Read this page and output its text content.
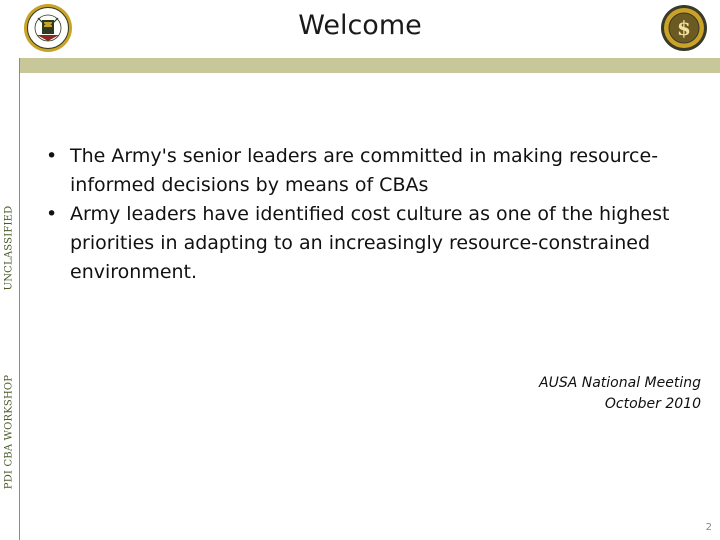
Welcome	$
UNCLASSIFIED
PDI CBA WORKSHOP
• The Army's senior leaders are committed in making resource-informed decisions by means of CBAs
• Army leaders have identified cost culture as one of the highest priorities in adapting to an increasingly resource-constrained environment.
AUSA National Meeting
October 2010
2
